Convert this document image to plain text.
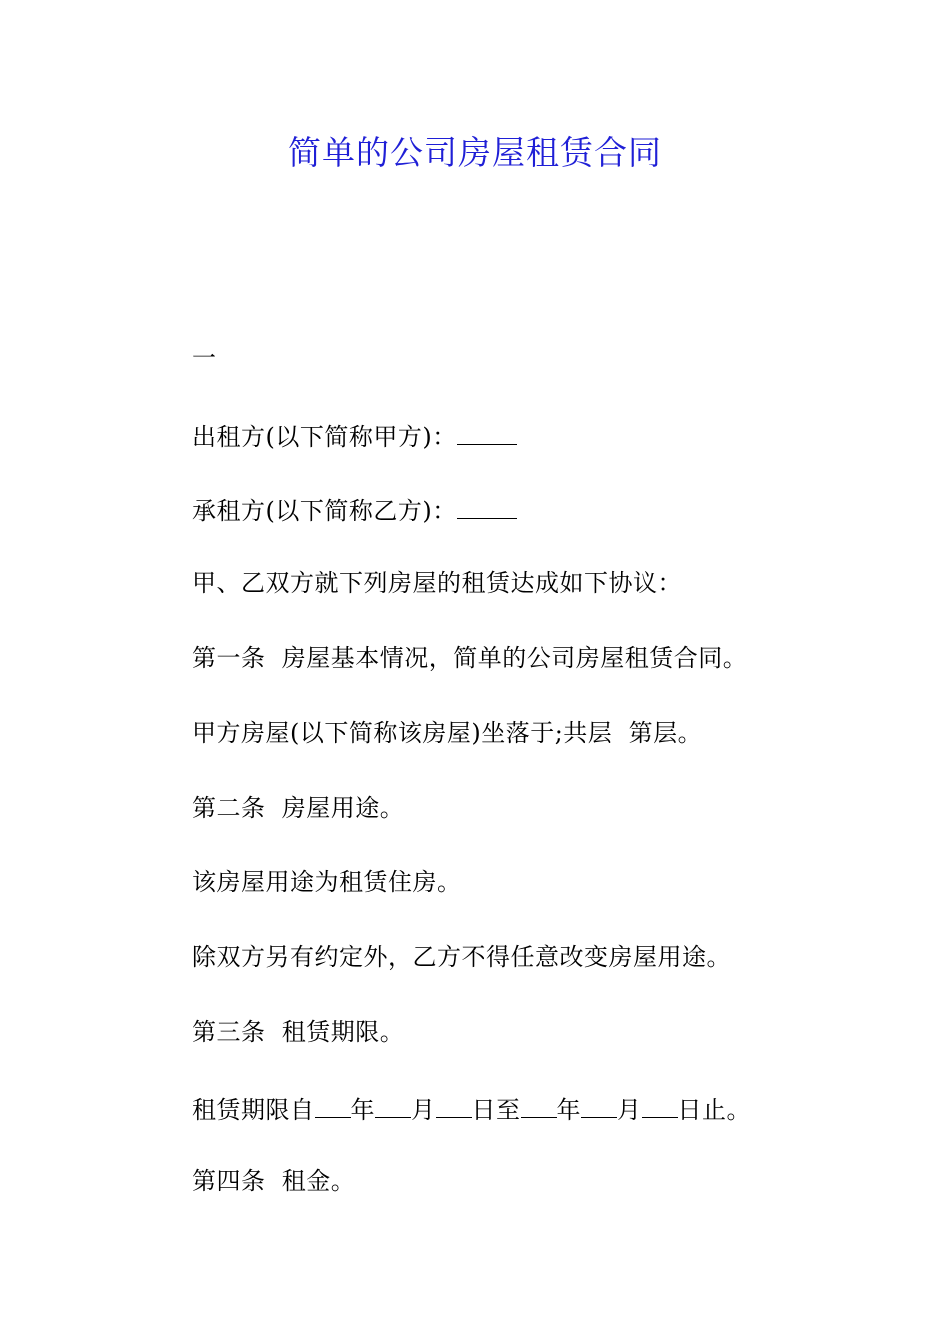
简单的公司房屋租赁合同
一
出租方(以下简称甲方)：
承租方(以下简称乙方)：
甲、乙双方就下列房屋的租赁达成如下协议：
第一条  房屋基本情况，简单的公司房屋租赁合同。
甲方房屋(以下简称该房屋)坐落于;共层  第层。
第二条  房屋用途。
该房屋用途为租赁住房。
除双方另有约定外，乙方不得任意改变房屋用途。
第三条  租赁期限。
租赁期限自 年 月 日至 年 月 日止。
第四条  租金。
